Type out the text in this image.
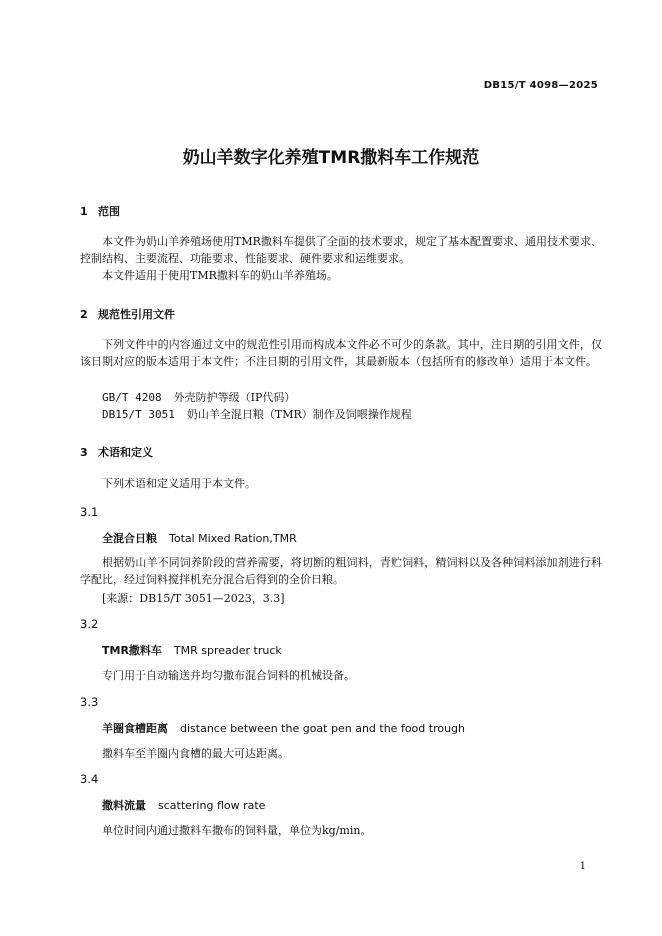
DB15/T 4098—2025
奶山羊数字化养殖TMR撒料车工作规范
1 范围
本文件为奶山羊养殖场使用TMR撒料车提供了全面的技术要求，规定了基本配置要求、通用技术要求、控制结构、主要流程、功能要求、性能要求、硬件要求和运维要求。
本文件适用于使用TMR撒料车的奶山羊养殖场。
2 规范性引用文件
下列文件中的内容通过文中的规范性引用而构成本文件必不可少的条款。其中，注日期的引用文件，仅该日期对应的版本适用于本文件；不注日期的引用文件，其最新版本（包括所有的修改单）适用于本文件。
GB/T 4208 外壳防护等级（IP代码）
DB15/T 3051 奶山羊全混日粮（TMR）制作及饲喂操作规程
3 术语和定义
下列术语和定义适用于本文件。
3.1
全混合日粮 Total Mixed Ration,TMR
根据奶山羊不同饲养阶段的营养需要，将切断的粗饲料，青贮饲料，精饲料以及各种饲料添加剂进行科学配比，经过饲料搅拌机充分混合后得到的全价日粮。
[来源：DB15/T 3051—2023，3.3]
3.2
TMR撒料车 TMR spreader truck
专门用于自动输送并均匀撒布混合饲料的机械设备。
3.3
羊圈食槽距离 distance between the goat pen and the food trough
撒料车至羊圈内食槽的最大可达距离。
3.4
撒料流量 scattering flow rate
单位时间内通过撒料车撒布的饲料量，单位为kg/min。
1
